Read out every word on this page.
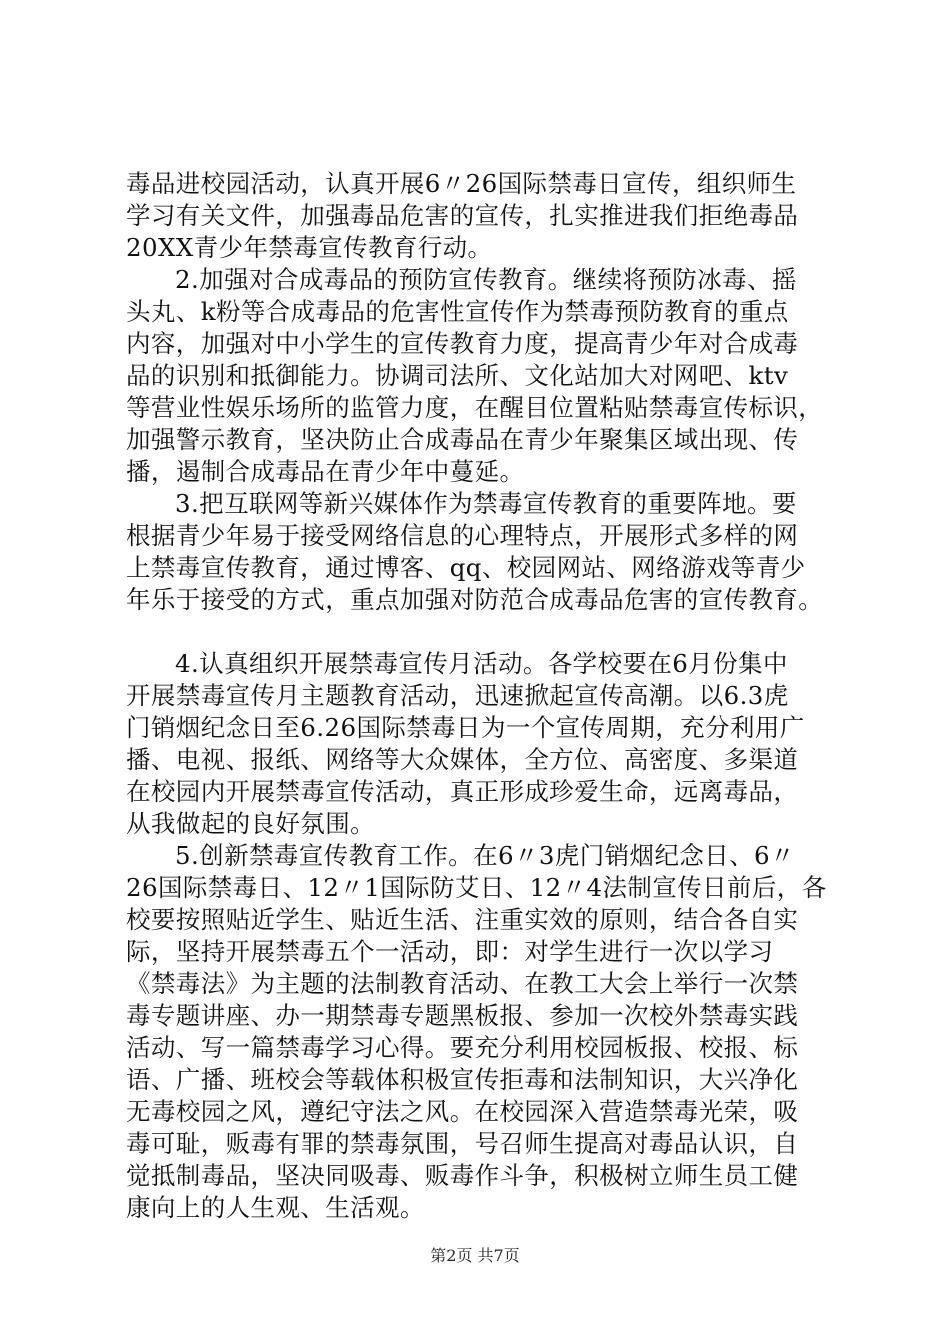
毒品进校园活动，认真开展6〃26国际禁毒日宣传，组织师生
学习有关文件，加强毒品危害的宣传，扎实推进我们拒绝毒品
20XX青少年禁毒宣传教育行动。
2.加强对合成毒品的预防宣传教育。继续将预防冰毒、摇
头丸、k粉等合成毒品的危害性宣传作为禁毒预防教育的重点
内容，加强对中小学生的宣传教育力度，提高青少年对合成毒
品的识别和抵御能力。协调司法所、文化站加大对网吧、ktv
等营业性娱乐场所的监管力度，在醒目位置粘贴禁毒宣传标识，
加强警示教育，坚决防止合成毒品在青少年聚集区域出现、传
播，遏制合成毒品在青少年中蔓延。
3.把互联网等新兴媒体作为禁毒宣传教育的重要阵地。要
根据青少年易于接受网络信息的心理特点，开展形式多样的网
上禁毒宣传教育，通过博客、qq、校园网站、网络游戏等青少
年乐于接受的方式，重点加强对防范合成毒品危害的宣传教育。
4.认真组织开展禁毒宣传月活动。各学校要在6月份集中
开展禁毒宣传月主题教育活动，迅速掀起宣传高潮。以6.3虎
门销烟纪念日至6.26国际禁毒日为一个宣传周期，充分利用广
播、电视、报纸、网络等大众媒体，全方位、高密度、多渠道
在校园内开展禁毒宣传活动，真正形成珍爱生命，远离毒品，
从我做起的良好氛围。
5.创新禁毒宣传教育工作。在6〃3虎门销烟纪念日、6〃
26国际禁毒日、12〃1国际防艾日、12〃4法制宣传日前后，各
校要按照贴近学生、贴近生活、注重实效的原则，结合各自实
际，坚持开展禁毒五个一活动，即：对学生进行一次以学习
《禁毒法》为主题的法制教育活动、在教工大会上举行一次禁
毒专题讲座、办一期禁毒专题黑板报、参加一次校外禁毒实践
活动、写一篇禁毒学习心得。要充分利用校园板报、校报、标
语、广播、班校会等载体积极宣传拒毒和法制知识，大兴净化
无毒校园之风，遵纪守法之风。在校园深入营造禁毒光荣，吸
毒可耻，贩毒有罪的禁毒氛围，号召师生提高对毒品认识，自
觉抵制毒品，坚决同吸毒、贩毒作斗争，积极树立师生员工健
康向上的人生观、生活观。
第2页 共7页
